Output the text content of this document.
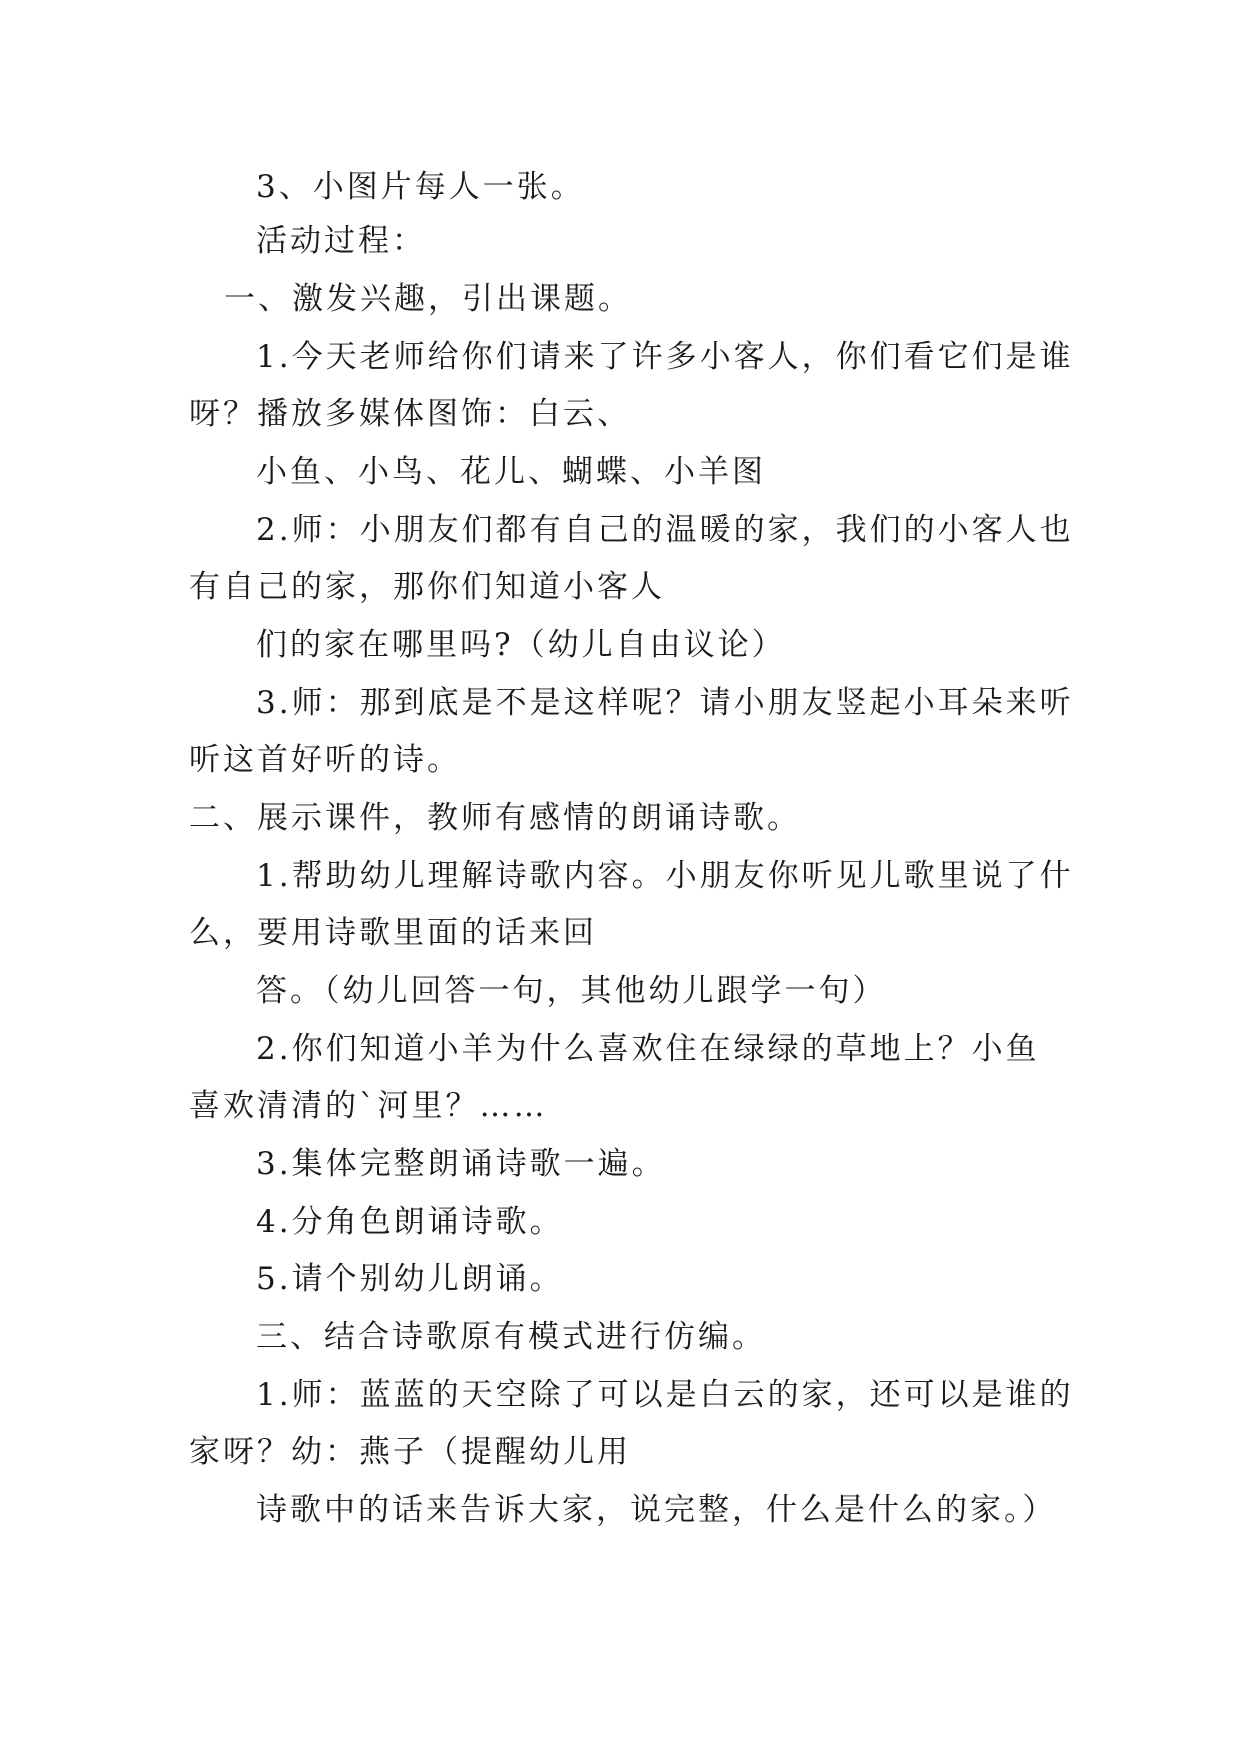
3、小图片每人一张。
活动过程：
一、激发兴趣，引出课题。
1.今天老师给你们请来了许多小客人，你们看它们是谁
呀？播放多媒体图饰：白云、
小鱼、小鸟、花儿、蝴蝶、小羊图
2.师：小朋友们都有自己的温暖的家，我们的小客人也
有自己的家，那你们知道小客人
们的家在哪里吗?（幼儿自由议论）
3.师：那到底是不是这样呢？请小朋友竖起小耳朵来听
听这首好听的诗。
二、展示课件，教师有感情的朗诵诗歌。
1.帮助幼儿理解诗歌内容。小朋友你听见儿歌里说了什
么，要用诗歌里面的话来回
答。（幼儿回答一句，其他幼儿跟学一句）
2.你们知道小羊为什么喜欢住在绿绿的草地上？小鱼
喜欢清清的`河里？……
3.集体完整朗诵诗歌一遍。
4.分角色朗诵诗歌。
5.请个别幼儿朗诵。
三、结合诗歌原有模式进行仿编。
1.师：蓝蓝的天空除了可以是白云的家，还可以是谁的
家呀？幼：燕子（提醒幼儿用
诗歌中的话来告诉大家，说完整，什么是什么的家。）
